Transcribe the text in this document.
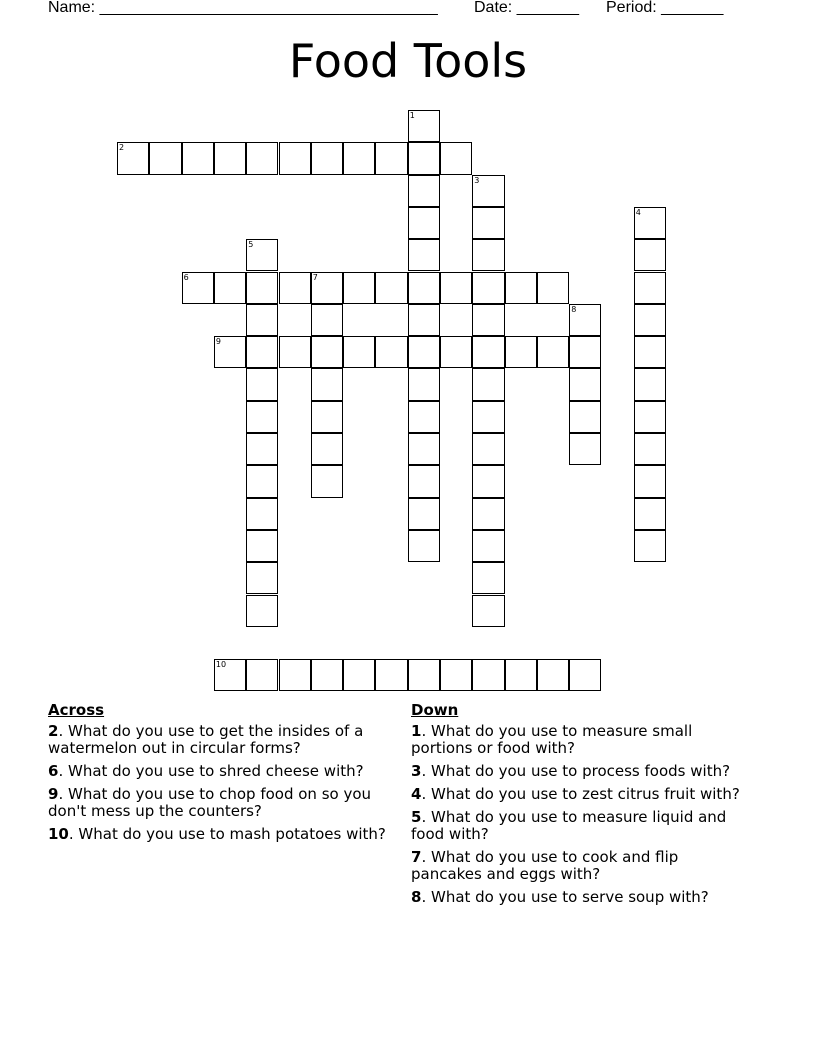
Name: ______________________________________ Date: _______ Period: _______
Food Tools
1
2
3
4
5
6	7
8
9
10
Across
2. What do you use to get the insides of a watermelon out in circular forms?
6. What do you use to shred cheese with?
9. What do you use to chop food on so you don't mess up the counters?
10. What do you use to mash potatoes with?
Down
1. What do you use to measure small portions or food with?
3. What do you use to process foods with?
4. What do you use to zest citrus fruit with?
5. What do you use to measure liquid and food with?
7. What do you use to cook and flip pancakes and eggs with?
8. What do you use to serve soup with?
